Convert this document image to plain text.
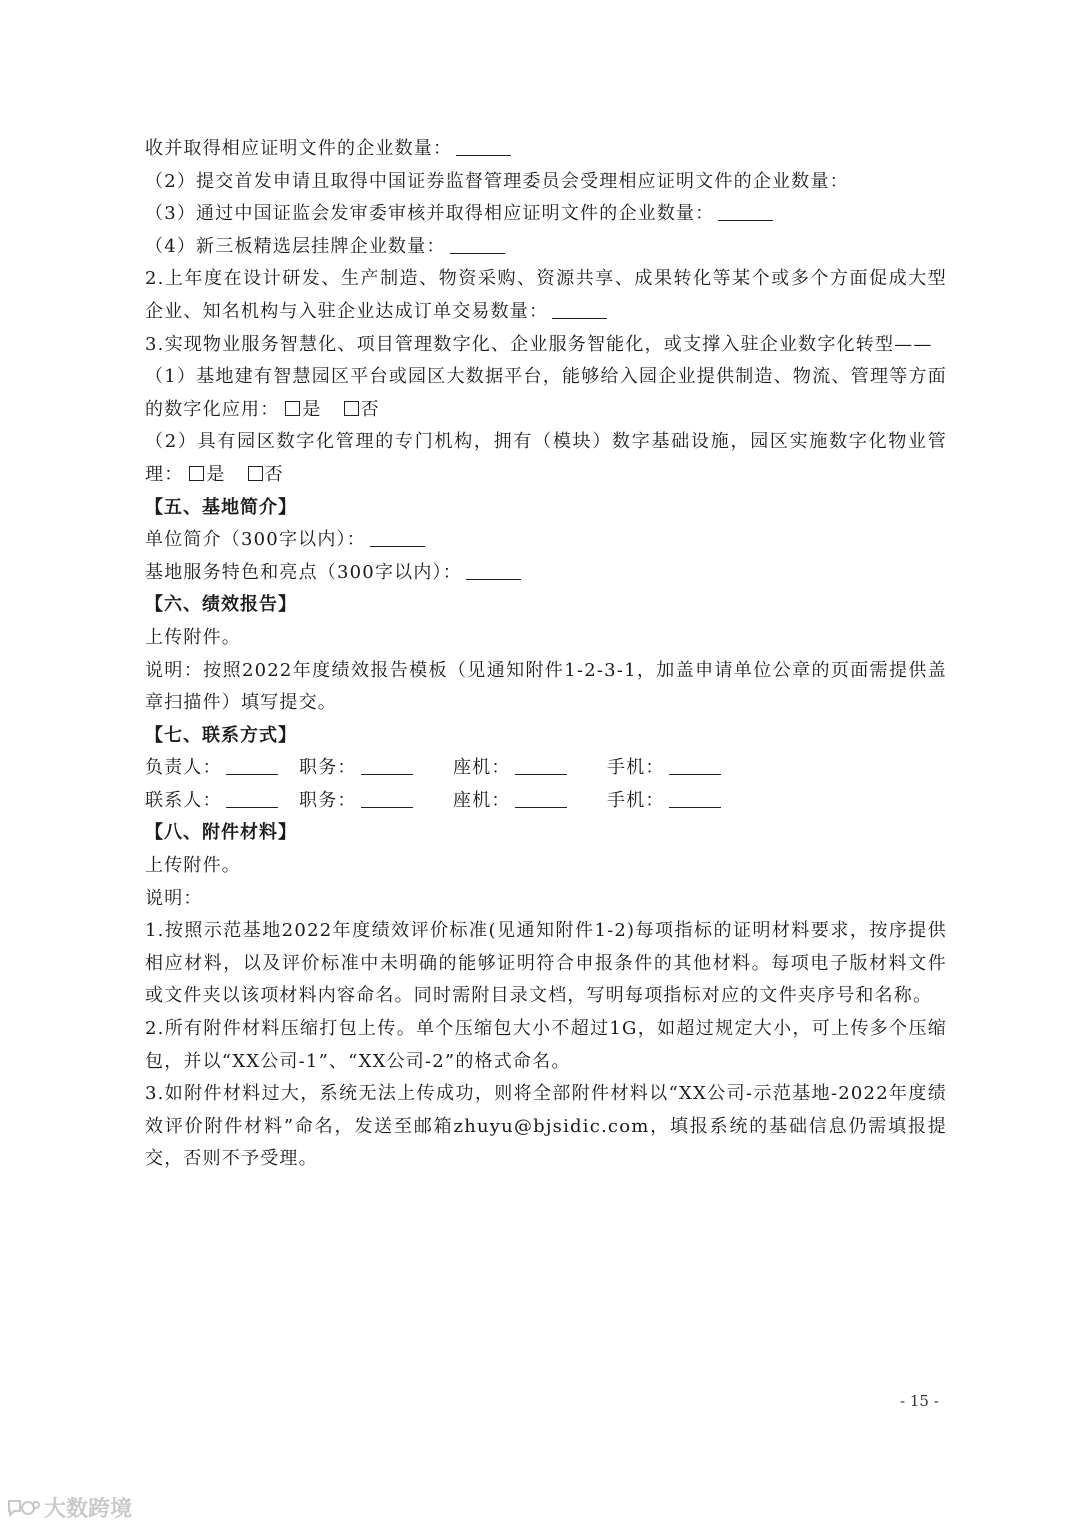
收并取得相应证明文件的企业数量：

（2）提交首发申请且取得中国证券监督管理委员会受理相应证明文件的企业数量：

（3）通过中国证监会发审委审核并取得相应证明文件的企业数量：

（4）新三板精选层挂牌企业数量：

2.上年度在设计研发、生产制造、物资采购、资源共享、成果转化等某个或多个方面促成大型企业、知名机构与入驻企业达成订单交易数量：

3.实现物业服务智慧化、项目管理数字化、企业服务智能化，或支撑入驻企业数字化转型——

（1）基地建有智慧园区平台或园区大数据平台，能够给入园企业提供制造、物流、管理等方面的数字化应用： 是 否

（2）具有园区数字化管理的专门机构，拥有（模块）数字基础设施，园区实施数字化物业管理： 是 否

【五、基地简介】

单位简介（300字以内）：

基地服务特色和亮点（300字以内）：

【六、绩效报告】

上传附件。

说明：按照2022年度绩效报告模板（见通知附件1-2-3-1，加盖申请单位公章的页面需提供盖章扫描件）填写提交。

【七、联系方式】

负责人：	职务：	座机：	手机：
联系人：	职务：	座机：	手机：

【八、附件材料】

上传附件。

说明：

1.按照示范基地2022年度绩效评价标准(见通知附件1-2)每项指标的证明材料要求，按序提供相应材料，以及评价标准中未明确的能够证明符合申报条件的其他材料。每项电子版材料文件或文件夹以该项材料内容命名。同时需附目录文档，写明每项指标对应的文件夹序号和名称。

2.所有附件材料压缩打包上传。单个压缩包大小不超过1G，如超过规定大小，可上传多个压缩包，并以“XX公司-1”、“XX公司-2”的格式命名。

3.如附件材料过大，系统无法上传成功，则将全部附件材料以“XX公司-示范基地-2022年度绩效评价附件材料”命名，发送至邮箱zhuyu@bjsidic.com，填报系统的基础信息仍需填报提交，否则不予受理。

- 15 -
大数跨境
